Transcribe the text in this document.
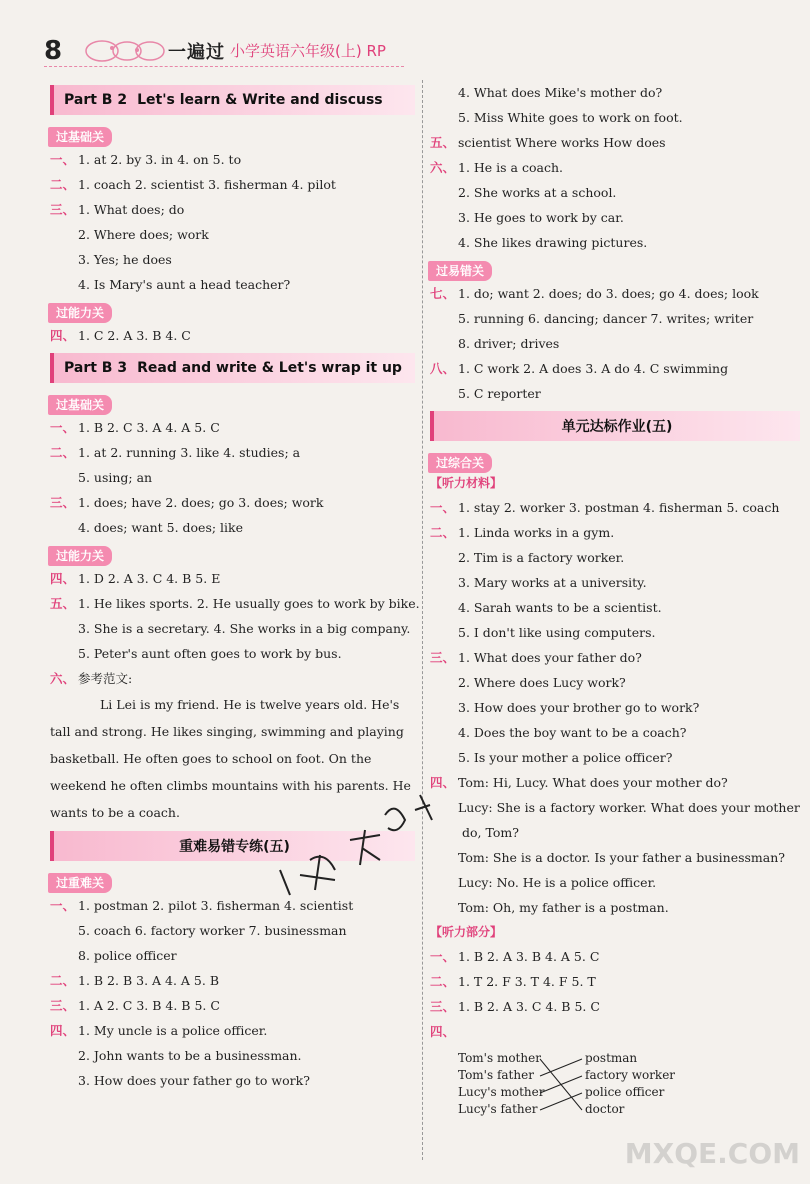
8	一遍过 小学英语六年级(上) RP
Part B 2 Let's learn & Write and discuss
过基础关
一、 1. at 2. by 3. in 4. on 5. to
二、 1. coach 2. scientist 3. fisherman 4. pilot
三、 1. What does; do
2. Where does; work
3. Yes; he does
4. Is Mary's aunt a head teacher?
过能力关
四、 1. C 2. A 3. B 4. C
Part B 3 Read and write & Let's wrap it up
过基础关
一、 1. B 2. C 3. A 4. A 5. C
二、 1. at 2. running 3. like 4. studies; a
5. using; an
三、 1. does; have 2. does; go 3. does; work
4. does; want 5. does; like
过能力关
四、 1. D 2. A 3. C 4. B 5. E
五、 1. He likes sports. 2. He usually goes to work by bike.
3. She is a secretary. 4. She works in a big company.
5. Peter's aunt often goes to work by bus.
六、 参考范文:
Li Lei is my friend. He is twelve years old. He's tall and strong. He likes singing, swimming and playing basketball. He often goes to school on foot. On the weekend he often climbs mountains with his parents. He wants to be a coach.
重难易错专练(五)
过重难关
一、 1. postman 2. pilot 3. fisherman 4. scientist
5. coach 6. factory worker 7. businessman
8. police officer
二、 1. B 2. B 3. A 4. A 5. B
三、 1. A 2. C 3. B 4. B 5. C
四、 1. My uncle is a police officer.
2. John wants to be a businessman.
3. How does your father go to work?
4. What does Mike's mother do?
5. Miss White goes to work on foot.
五、 scientist Where works How does
六、 1. He is a coach.
2. She works at a school.
3. He goes to work by car.
4. She likes drawing pictures.
过易错关
七、 1. do; want 2. does; do 3. does; go 4. does; look
5. running 6. dancing; dancer 7. writes; writer
8. driver; drives
八、 1. C work 2. A does 3. A do 4. C swimming
5. C reporter
单元达标作业(五)
过综合关
【听力材料】
一、 1. stay 2. worker 3. postman 4. fisherman 5. coach
二、 1. Linda works in a gym.
2. Tim is a factory worker.
3. Mary works at a university.
4. Sarah wants to be a scientist.
5. I don't like using computers.
三、 1. What does your father do?
2. Where does Lucy work?
3. How does your brother go to work?
4. Does the boy want to be a coach?
5. Is your mother a police officer?
四、 Tom: Hi, Lucy. What does your mother do?
Lucy: She is a factory worker. What does your mother
do, Tom?
Tom: She is a doctor. Is your father a businessman?
Lucy: No. He is a police officer.
Tom: Oh, my father is a postman.
【听力部分】
一、 1. B 2. A 3. B 4. A 5. C
二、 1. T 2. F 3. T 4. F 5. T
三、 1. B 2. A 3. C 4. B 5. C
四、
Tom's mother
Tom's father
Lucy's mother
Lucy's father
postman
factory worker
police officer
doctor
MXQE.COM
